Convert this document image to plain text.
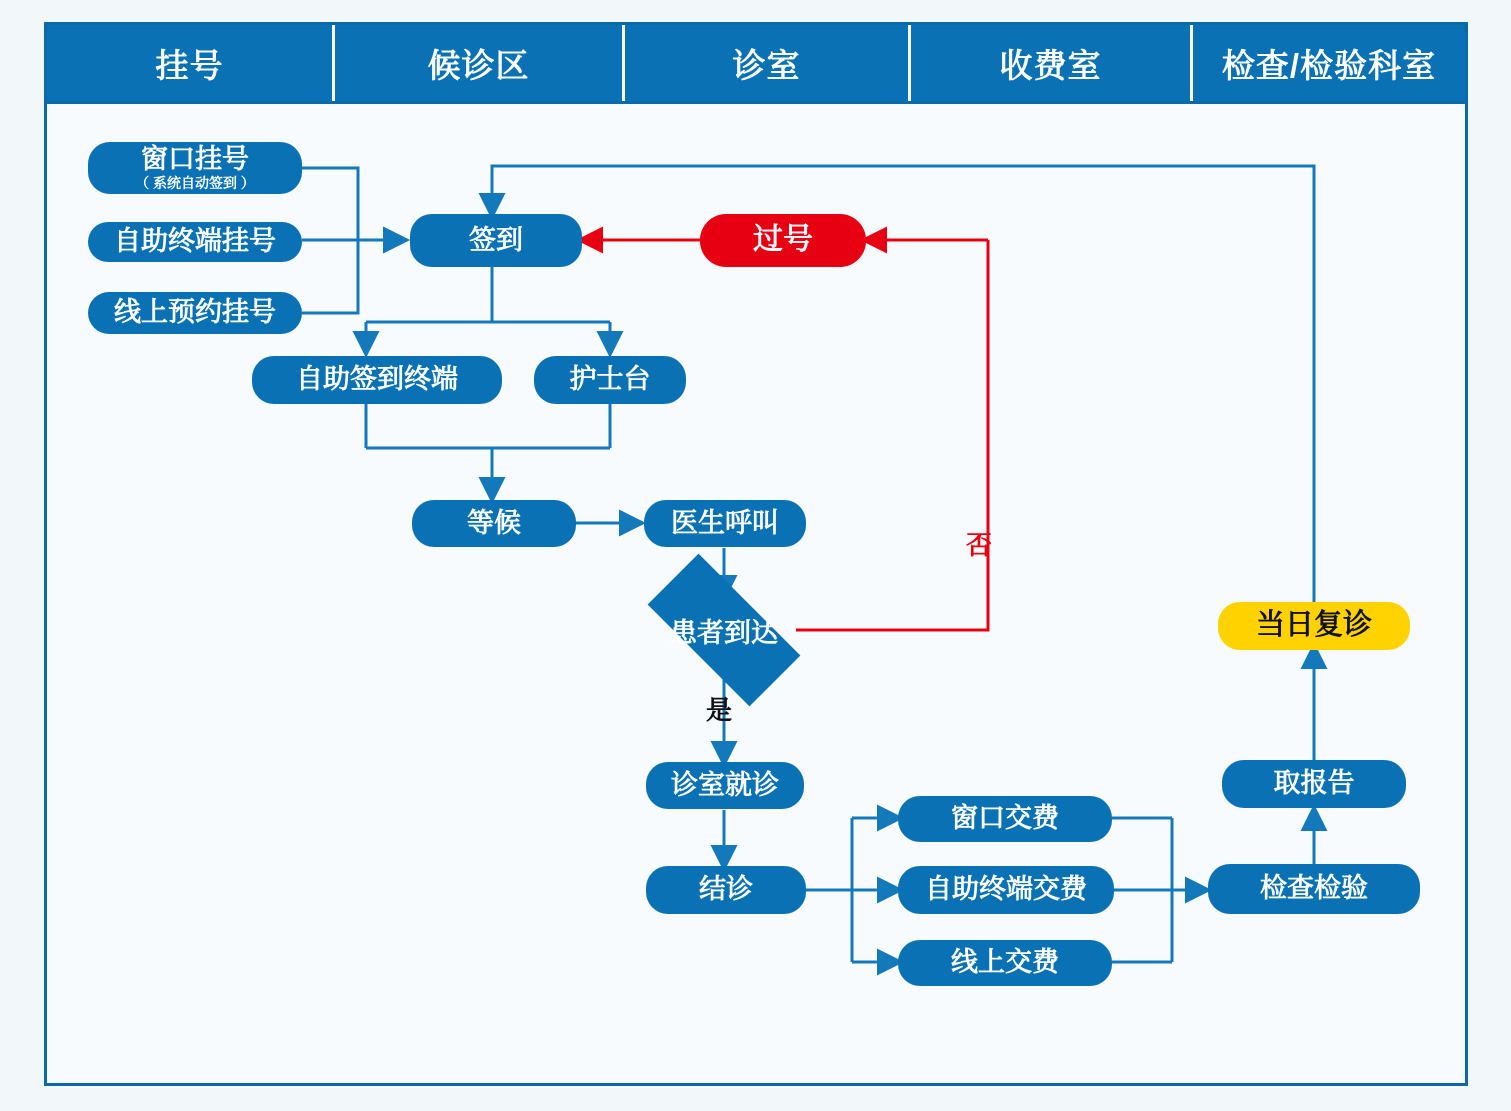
挂号	候诊区	诊室	收费室	检查/检验科室
窗口挂号
（ 系统自动签到 ）
自助终端挂号
线上预约挂号
签到	过号
自助签到终端	护士台
等候	医生呼叫
患者到达
是
否
诊室就诊
结诊
窗口交费
自助终端交费
线上交费
检查检验
取报告
当日复诊
